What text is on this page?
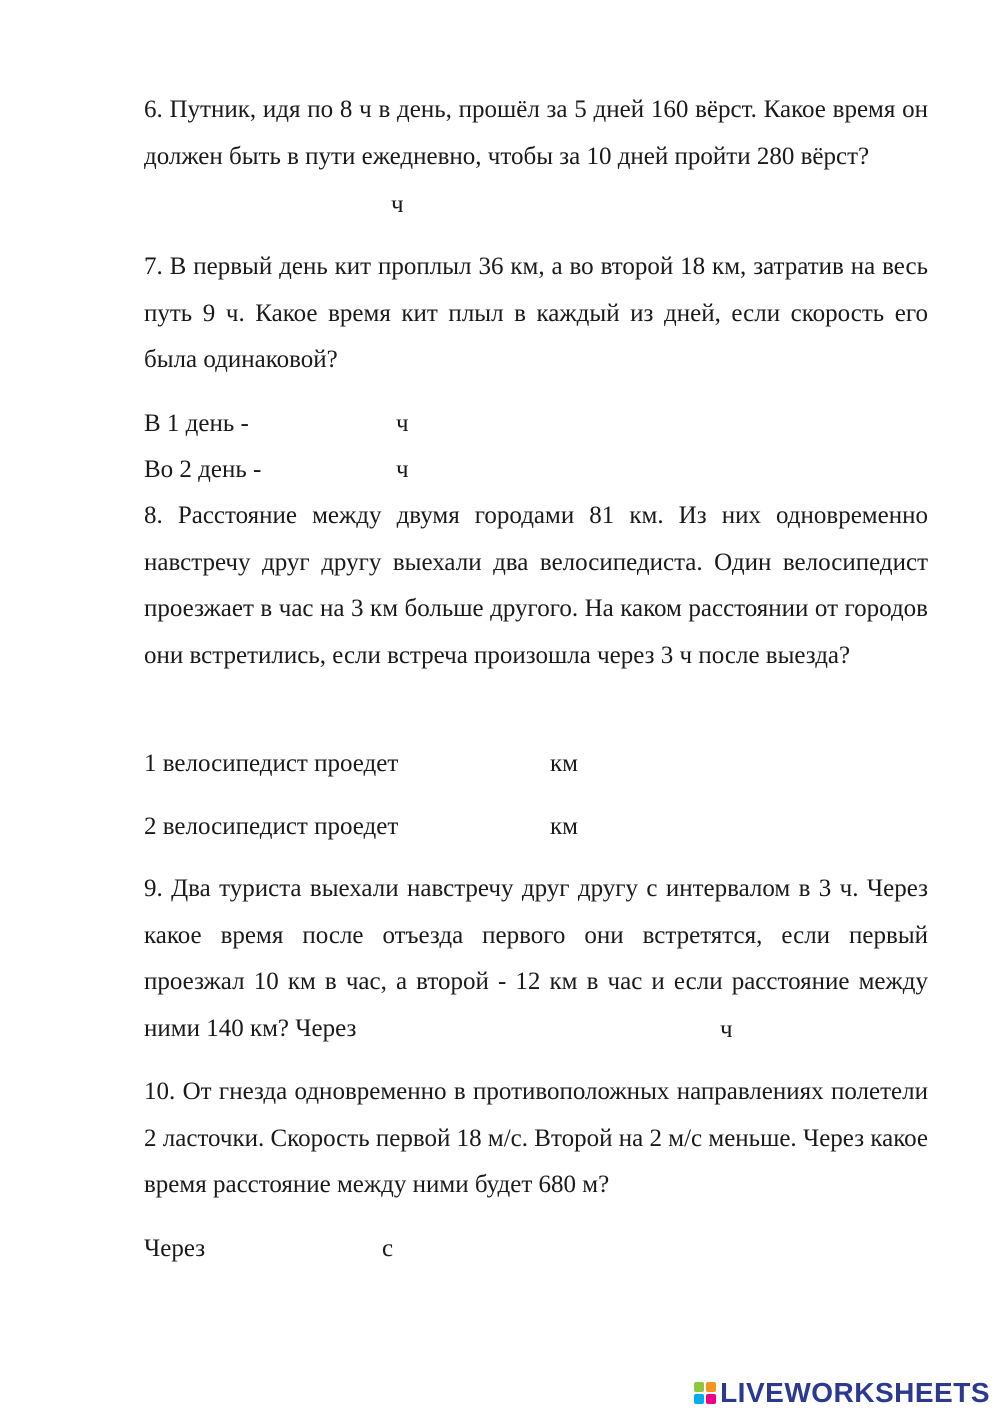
6. Путник, идя по 8 ч в день, прошёл за 5 дней 160 вёрст. Какое время он должен быть в пути ежедневно, чтобы за 10 дней пройти 280 вёрст?

ч

7. В первый день кит проплыл 36 км, а во второй 18 км, затратив на весь путь 9 ч. Какое время кит плыл в каждый из дней, если скорость его была одинаковой?

В 1 день -	ч
Во 2 день -	ч

8. Расстояние между двумя городами 81 км. Из них одновременно навстречу друг другу выехали два велосипедиста. Один велосипедист проезжает в час на 3 км больше другого. На каком расстоянии от городов они встретились, если встреча произошла через 3 ч после выезда?

1 велосипедист проедет	км
2 велосипедист проедет	км

9. Два туриста выехали навстречу друг другу с интервалом в 3 ч. Через какое время после отъезда первого они встретятся, если первый проезжал 10 км в час, а второй - 12 км в час и если расстояние между ними 140 км? Через	ч

10. От гнезда одновременно в противоположных направлениях полетели 2 ласточки. Скорость первой 18 м/с. Второй на 2 м/с меньше. Через какое время расстояние между ними будет 680 м?

Через	с
LIVEWORKSHEETS
